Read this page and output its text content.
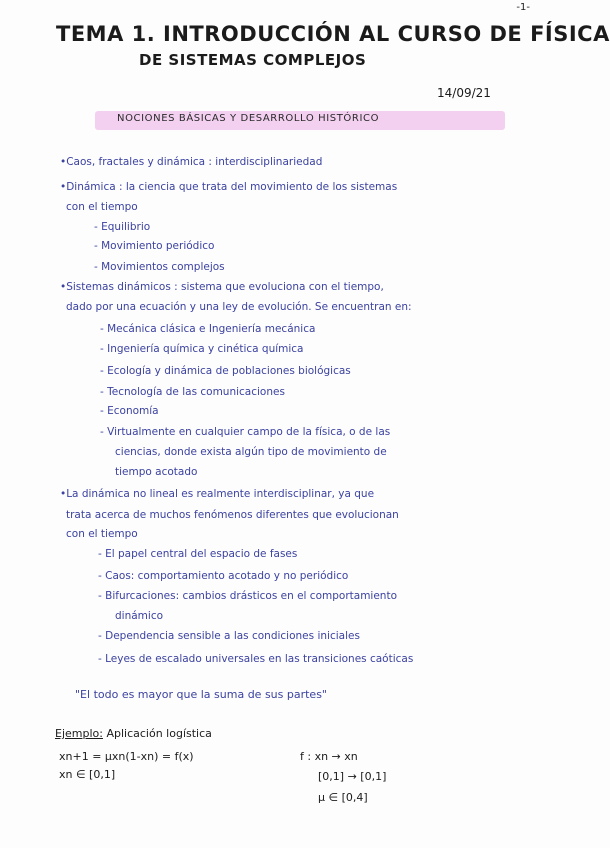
-1-
TEMA 1. INTRODUCCIÓN AL CURSO DE FÍSICA
DE SISTEMAS COMPLEJOS
14/09/21
NOCIONES BÁSICAS Y DESARROLLO HISTÓRICO
•Caos, fractales y dinámica : interdisciplinariedad
•Dinámica : la ciencia que trata del movimiento de los sistemas
con el tiempo
- Equilibrio
- Movimiento periódico
- Movimientos complejos
•Sistemas dinámicos : sistema que evoluciona con el tiempo,
dado por una ecuación y una ley de evolución. Se encuentran en:
- Mecánica clásica e Ingeniería mecánica
- Ingeniería química y cinética química
- Ecología y dinámica de poblaciones biológicas
- Tecnología de las comunicaciones
- Economía
- Virtualmente en cualquier campo de la física, o de las
ciencias, donde exista algún tipo de movimiento de
tiempo acotado
•La dinámica no lineal es realmente interdisciplinar, ya que
trata acerca de muchos fenómenos diferentes que evolucionan
con el tiempo
- El papel central del espacio de fases
- Caos: comportamiento acotado y no periódico
- Bifurcaciones: cambios drásticos en el comportamiento
dinámico
- Dependencia sensible a las condiciones iniciales
- Leyes de escalado universales en las transiciones caóticas
"El todo es mayor que la suma de sus partes"
Ejemplo: Aplicación logística
xn+1 = μxn(1-xn) = f(x)
xn ∈ [0,1]
f : xn → xn
[0,1] → [0,1]
μ ∈ [0,4]
